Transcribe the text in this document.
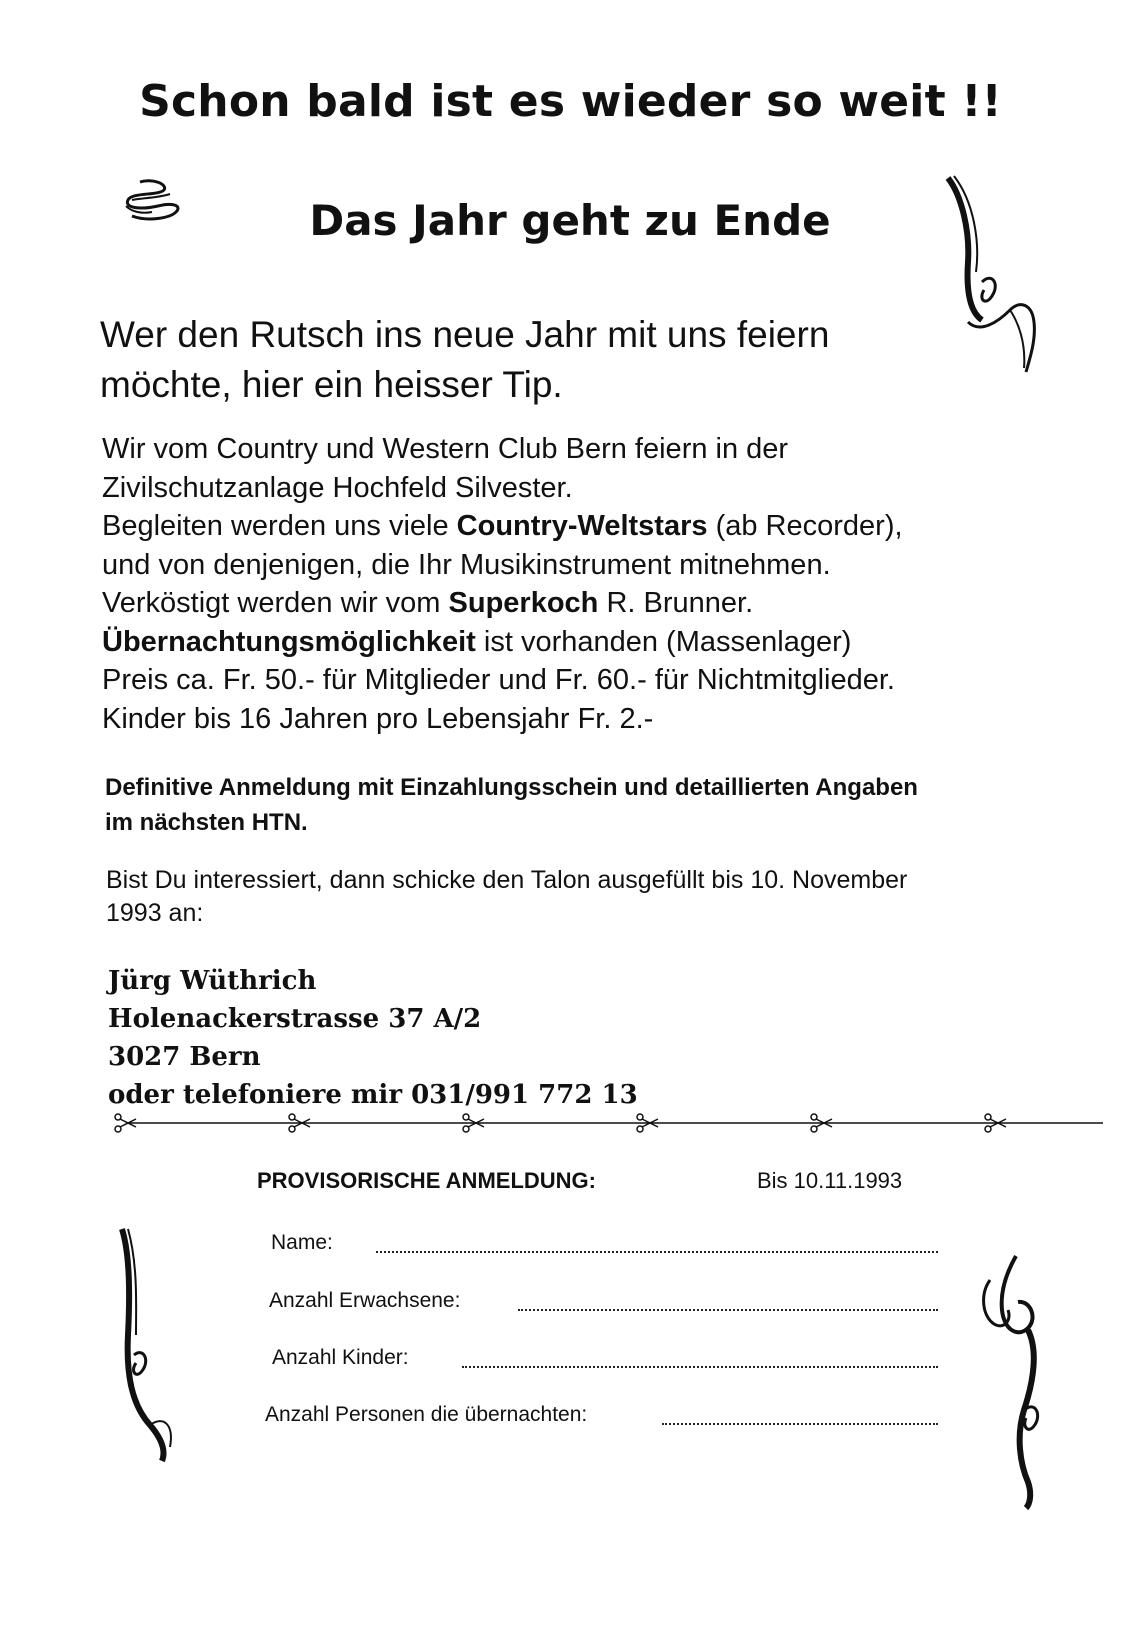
Schon bald ist es wieder so weit !!
Das Jahr geht zu Ende
Wer den Rutsch ins neue Jahr mit uns feiern
möchte, hier ein heisser Tip.

Wir vom Country und Western Club Bern feiern in der

Zivilschutzanlage Hochfeld Silvester.

Begleiten werden uns viele Country-Weltstars (ab Recorder),

und von denjenigen, die Ihr Musikinstrument mitnehmen.

Verköstigt werden wir vom Superkoch R. Brunner.

Übernachtungsmöglichkeit ist vorhanden (Massenlager)

Preis ca. Fr. 50.- für Mitglieder und Fr. 60.- für Nichtmitglieder.

Kinder bis 16 Jahren pro Lebensjahr Fr. 2.-

Definitive Anmeldung mit Einzahlungsschein und detaillierten Angaben
im nächsten HTN.
Bist Du interessiert, dann schicke den Talon ausgefüllt bis 10. November
1993 an:
Jürg Wüthrich
Holenackerstrasse 37 A/2
3027 Bern
oder telefoniere mir 031/991 772 13
PROVISORISCHE ANMELDUNG:	Bis 10.11.1993
Name:
Anzahl Erwachsene:
Anzahl Kinder:
Anzahl Personen die übernachten:
